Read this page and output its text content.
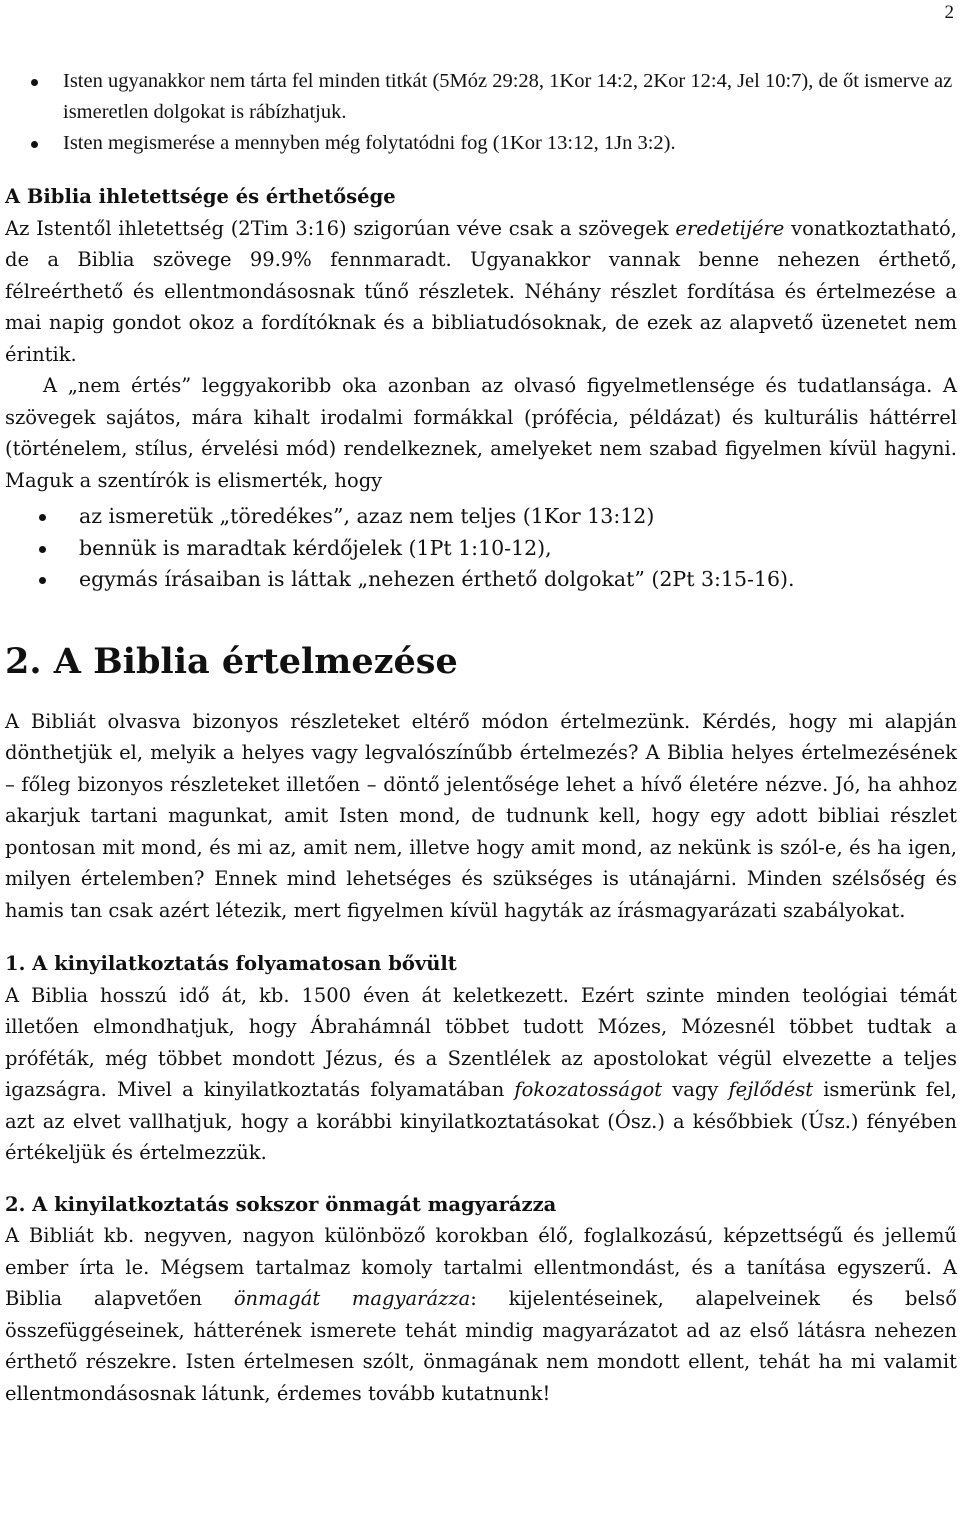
2
Isten ugyanakkor nem tárta fel minden titkát (5Móz 29:28, 1Kor 14:2, 2Kor 12:4, Jel 10:7), de őt ismerve az ismeretlen dolgokat is rábízhatjuk.
Isten megismerése a mennyben még folytatódni fog (1Kor 13:12, 1Jn 3:2).
A Biblia ihletettsége és érthetősége

Az Istentől ihletettség (2Tim 3:16) szigorúan véve csak a szövegek eredetijére vonatkoztatható, de a Biblia szövege 99.9% fennmaradt. Ugyanakkor vannak benne nehezen érthető, félreérthető és ellentmondásosnak tűnő részletek. Néhány részlet fordítása és értelmezése a mai napig gondot okoz a fordítóknak és a bibliatudósoknak, de ezek az alapvető üzenetet nem érintik.

A „nem értés” leggyakoribb oka azonban az olvasó figyelmetlensége és tudatlansága. A szövegek sajátos, mára kihalt irodalmi formákkal (prófécia, példázat) és kulturális háttérrel (történelem, stílus, érvelési mód) rendelkeznek, amelyeket nem szabad figyelmen kívül hagyni. Maguk a szentírók is elismerték, hogy

az ismeretük „töredékes”, azaz nem teljes (1Kor 13:12)
bennük is maradtak kérdőjelek (1Pt 1:10-12),
egymás írásaiban is láttak „nehezen érthető dolgokat” (2Pt 3:15-16).
2. A Biblia értelmezése

A Bibliát olvasva bizonyos részleteket eltérő módon értelmezünk. Kérdés, hogy mi alapján dönthetjük el, melyik a helyes vagy legvalószínűbb értelmezés? A Biblia helyes értelmezésének – főleg bizonyos részleteket illetően – döntő jelentősége lehet a hívő életére nézve. Jó, ha ahhoz akarjuk tartani magunkat, amit Isten mond, de tudnunk kell, hogy egy adott bibliai részlet pontosan mit mond, és mi az, amit nem, illetve hogy amit mond, az nekünk is szól-e, és ha igen, milyen értelemben? Ennek mind lehetséges és szükséges is utánajárni. Minden szélsőség és hamis tan csak azért létezik, mert figyelmen kívül hagyták az írásmagyarázati szabályokat.

1. A kinyilatkoztatás folyamatosan bővült

A Biblia hosszú idő át, kb. 1500 éven át keletkezett. Ezért szinte minden teológiai témát illetően elmondhatjuk, hogy Ábrahámnál többet tudott Mózes, Mózesnél többet tudtak a próféták, még többet mondott Jézus, és a Szentlélek az apostolokat végül elvezette a teljes igazságra. Mivel a kinyilatkoztatás folyamatában fokozatosságot vagy fejlődést ismerünk fel, azt az elvet vallhatjuk, hogy a korábbi kinyilatkoztatásokat (Ósz.) a későbbiek (Úsz.) fényében értékeljük és értelmezzük.

2. A kinyilatkoztatás sokszor önmagát magyarázza

A Bibliát kb. negyven, nagyon különböző korokban élő, foglalkozású, képzettségű és jellemű ember írta le. Mégsem tartalmaz komoly tartalmi ellentmondást, és a tanítása egyszerű. A Biblia alapvetően önmagát magyarázza: kijelentéseinek, alapelveinek és belső összefüggéseinek, hátterének ismerete tehát mindig magyarázatot ad az első látásra nehezen érthető részekre. Isten értelmesen szólt, önmagának nem mondott ellent, tehát ha mi valamit ellentmondásosnak látunk, érdemes tovább kutatnunk!
